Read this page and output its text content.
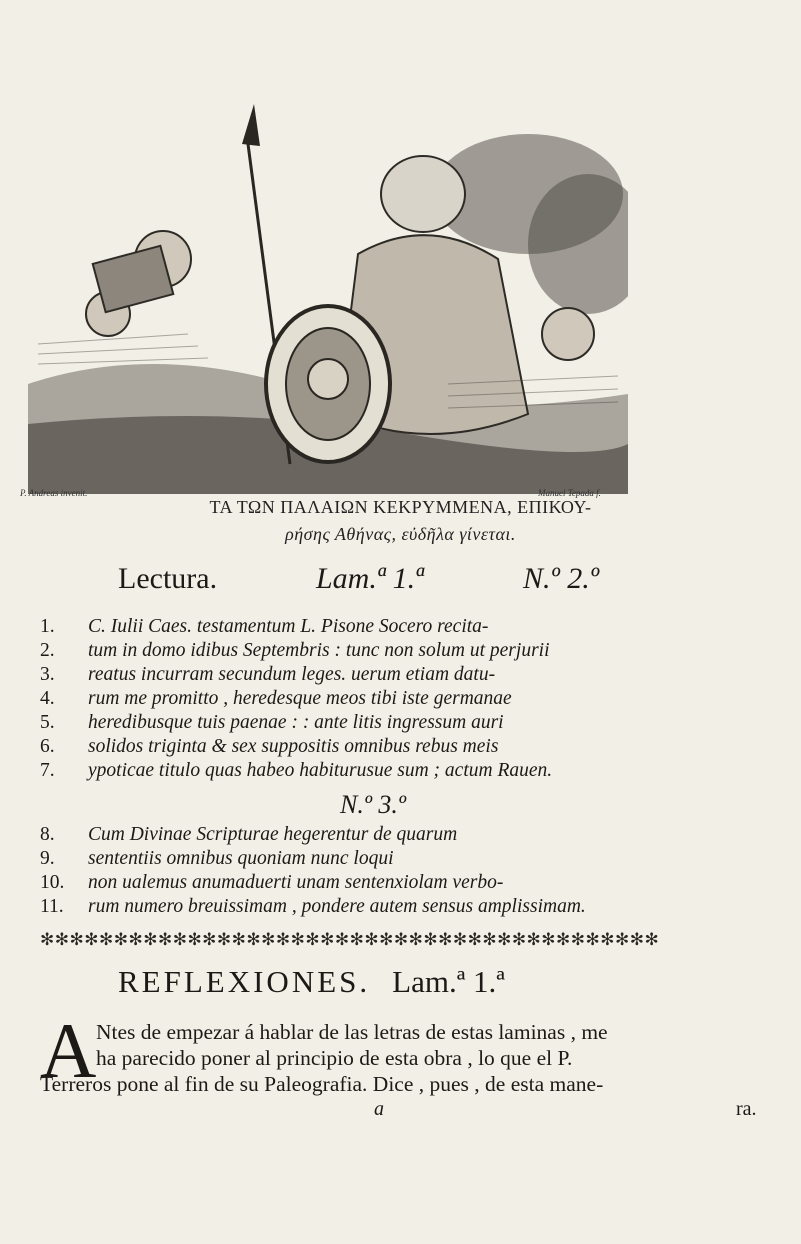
P. Andreas invenit.	Manuel Tepada f.
ΤΑ ΤΩΝ ΠΑΛΑΙΩΝ ΚΕΚΡΥΜΜΕΝΑ, ΕΠΙΚΟΥ-
ρήσης Αθήνας, εὐδῆλα γίνεται.
Lectura.	Lam.ª 1.ª	N.º 2.º
1.	C. Iulii Caes. testamentum L. Pisone Socero recita-
2.	tum in domo idibus Septembris : tunc non solum ut perjurii
3.	reatus incurram secundum leges. uerum etiam datu-
4.	rum me promitto , heredesque meos tibi iste germanae
5.	heredibusque tuis paenae : : ante litis ingressum auri
6.	solidos triginta & sex suppositis omnibus rebus meis
7.	ypoticae titulo quas habeo habiturusue sum ; actum Rauen.
N.º 3.º
8.	Cum Divinae Scripturae hegerentur de quarum
9.	sententiis omnibus quoniam nunc loqui
10.	non ualemus anumaduerti unam sentenxiolam verbo-
11.	rum numero breuissimam , pondere autem sensus amplissimam.
✻✻✻✻✻✻✻✻✻✻✻✻✻✻✻✻✻✻✻✻✻✻✻✻✻✻✻✻✻✻✻✻✻✻✻✻✻✻✻✻✻✻
REFLEXIONES. Lam.ª 1.ª
A Ntes de empezar á hablar de las letras de estas laminas , me
ha parecido poner al principio de esta obra , lo que el P.
Terreros pone al fin de su Paleografia. Dice , pues , de esta mane-
a	ra.
